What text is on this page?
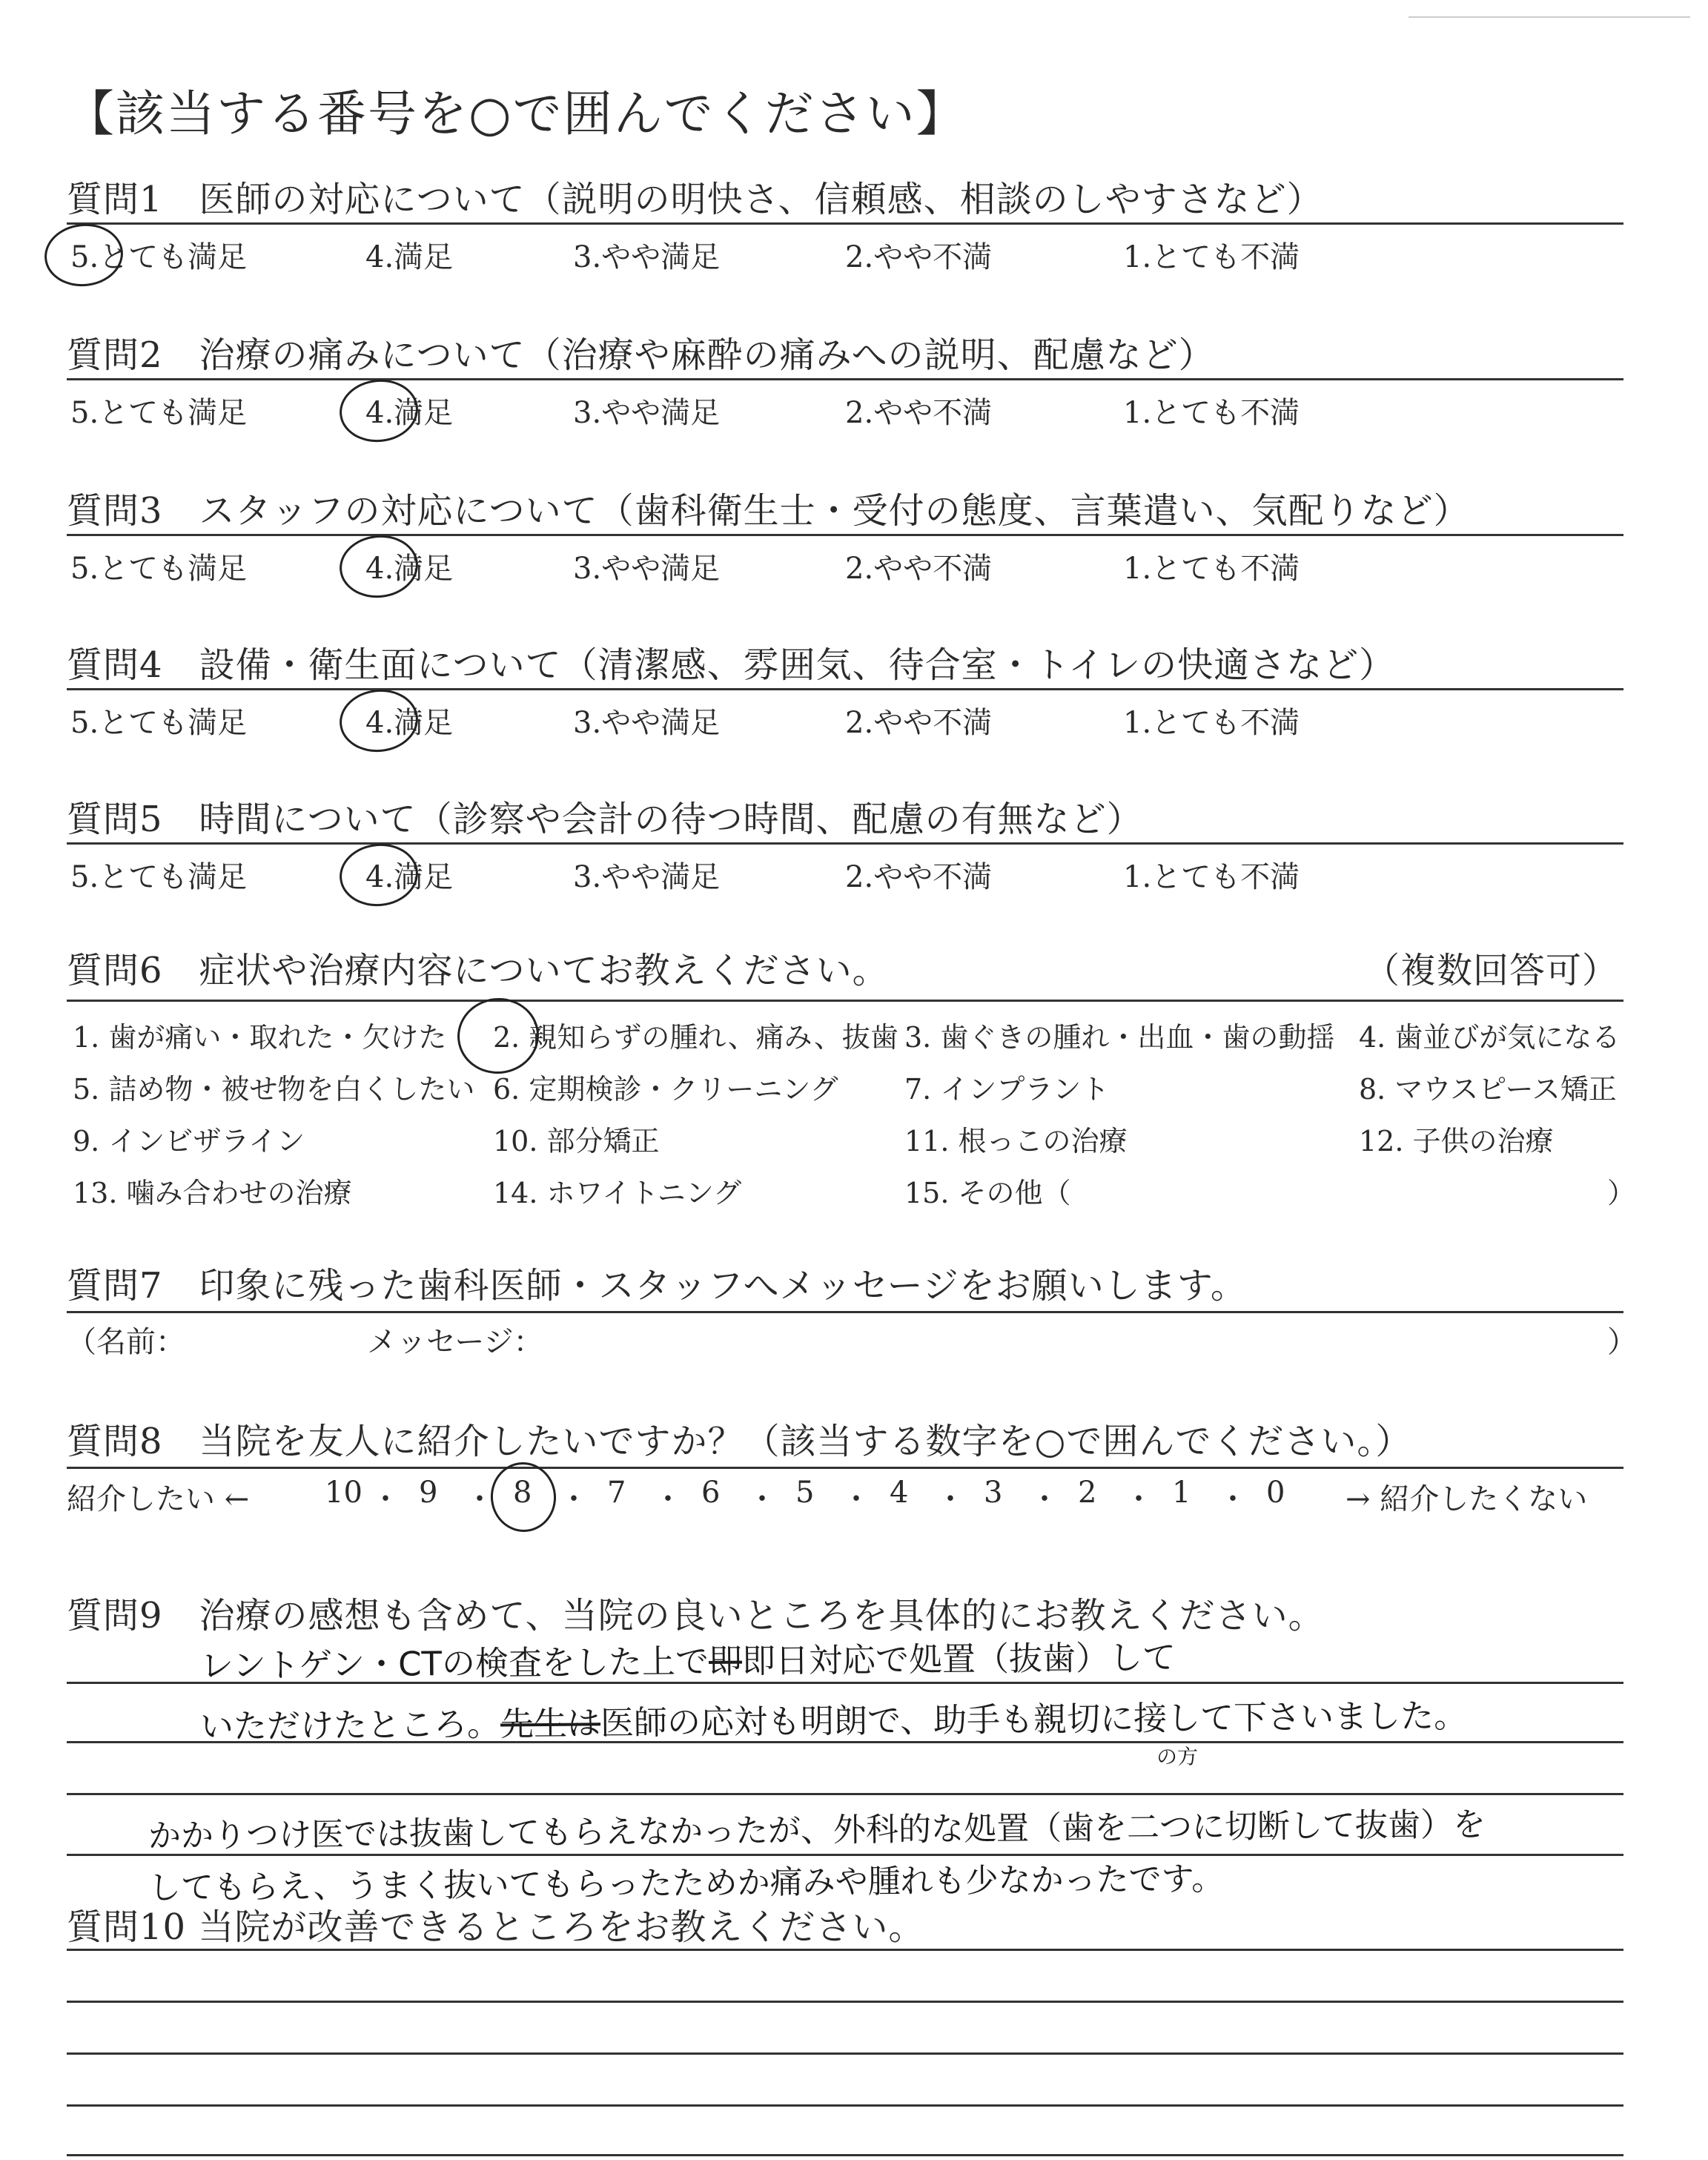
【該当する番号を○で囲んでください】
質問1　医師の対応について（説明の明快さ、信頼感、相談のしやすさなど）
5.とても満足	4.満足	3.やや満足	2.やや不満	1.とても不満
質問2　治療の痛みについて（治療や麻酔の痛みへの説明、配慮など）
5.とても満足	4.満足	3.やや満足	2.やや不満	1.とても不満
質問3　スタッフの対応について（歯科衛生士・受付の態度、言葉遣い、気配りなど）
5.とても満足	4.満足	3.やや満足	2.やや不満	1.とても不満
質問4　設備・衛生面について（清潔感、雰囲気、待合室・トイレの快適さなど）
5.とても満足	4.満足	3.やや満足	2.やや不満	1.とても不満
質問5　時間について（診察や会計の待つ時間、配慮の有無など）
5.とても満足	4.満足	3.やや満足	2.やや不満	1.とても不満
質問6　症状や治療内容についてお教えください。	（複数回答可）
1. 歯が痛い・取れた・欠けた 2. 親知らずの腫れ、痛み、抜歯 3. 歯ぐきの腫れ・出血・歯の動揺 4. 歯並びが気になる
5. 詰め物・被せ物を白くしたい 6. 定期検診・クリーニング 7. インプラント	8. マウスピース矯正
9. インビザライン	10. 部分矯正	11. 根っこの治療	12. 子供の治療
13. 噛み合わせの治療	14. ホワイトニング	15. その他（	）
質問7　印象に残った歯科医師・スタッフへメッセージをお願いします。
（名前：	メッセージ：	）
質問8　当院を友人に紹介したいですか？（該当する数字を○で囲んでください。）
紹介したい ←	10 ・ 9 ・ 8 ・ 7 ・ 6 ・ 5 ・ 4 ・ 3 ・ 2 ・ 1 ・ 0 → 紹介したくない
質問9　治療の感想も含めて、当院の良いところを具体的にお教えください。
レントゲン・CTの検査をした上で即即日対応で処置（抜歯）して
いただけたところ。先生は医師の応対も明朗で、助手も親切に接して下さいました。
の方
かかりつけ医では抜歯してもらえなかったが、外科的な処置（歯を二つに切断して抜歯）を
してもらえ、うまく抜いてもらったためか痛みや腫れも少なかったです。
質問10 当院が改善できるところをお教えください。
